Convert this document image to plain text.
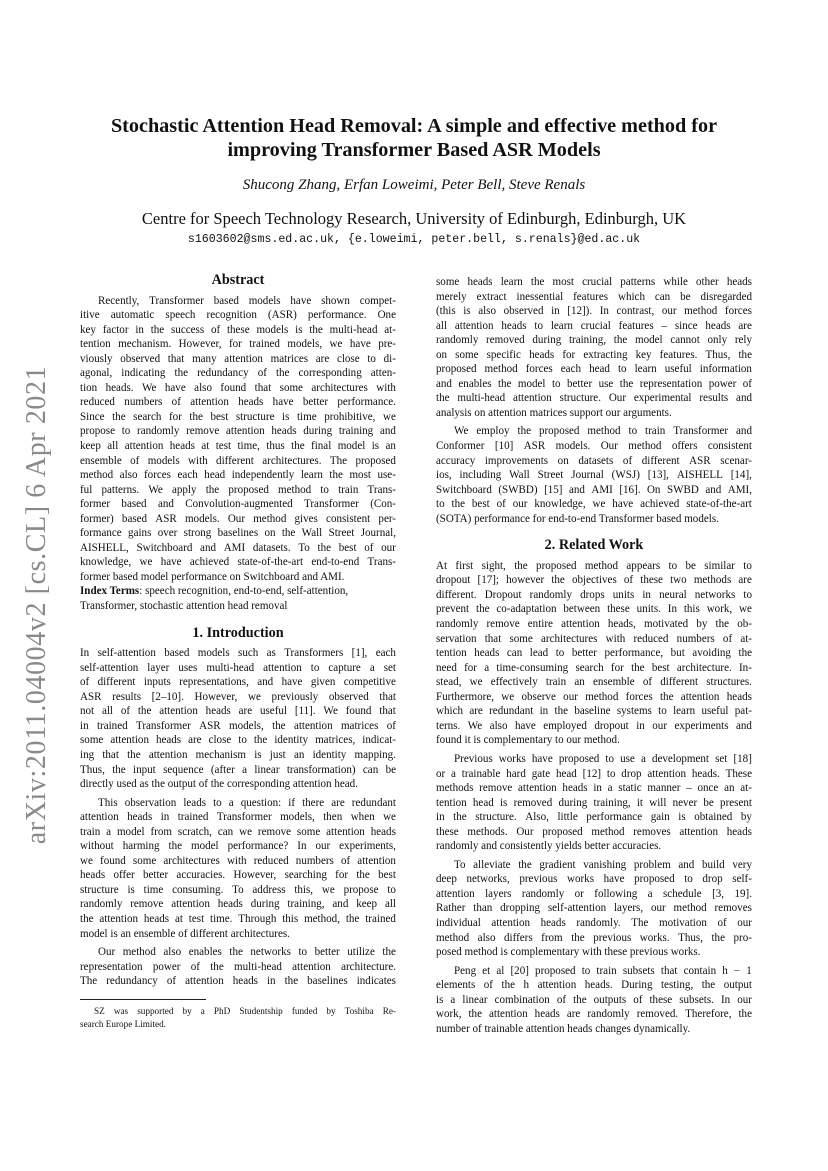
arXiv:2011.04004v2 [cs.CL] 6 Apr 2021
Stochastic Attention Head Removal: A simple and effective method for
improving Transformer Based ASR Models
Shucong Zhang, Erfan Loweimi, Peter Bell, Steve Renals
Centre for Speech Technology Research, University of Edinburgh, Edinburgh, UK
s1603602@sms.ed.ac.uk, {e.loweimi, peter.bell, s.renals}@ed.ac.uk
Abstract
Recently, Transformer based models have shown compet-
itive automatic speech recognition (ASR) performance. One
key factor in the success of these models is the multi-head at-
tention mechanism. However, for trained models, we have pre-
viously observed that many attention matrices are close to di-
agonal, indicating the redundancy of the corresponding atten-
tion heads. We have also found that some architectures with
reduced numbers of attention heads have better performance.
Since the search for the best structure is time prohibitive, we
propose to randomly remove attention heads during training and
keep all attention heads at test time, thus the final model is an
ensemble of models with different architectures. The proposed
method also forces each head independently learn the most use-
ful patterns. We apply the proposed method to train Trans-
former based and Convolution-augmented Transformer (Con-
former) based ASR models. Our method gives consistent per-
formance gains over strong baselines on the Wall Street Journal,
AISHELL, Switchboard and AMI datasets. To the best of our
knowledge, we have achieved state-of-the-art end-to-end Trans-
former based model performance on Switchboard and AMI.
Index Terms: speech recognition, end-to-end, self-attention,
Transformer, stochastic attention head removal
1. Introduction
In self-attention based models such as Transformers [1], each
self-attention layer uses multi-head attention to capture a set
of different inputs representations, and have given competitive
ASR results [2–10]. However, we previously observed that
not all of the attention heads are useful [11]. We found that
in trained Transformer ASR models, the attention matrices of
some attention heads are close to the identity matrices, indicat-
ing that the attention mechanism is just an identity mapping.
Thus, the input sequence (after a linear transformation) can be
directly used as the output of the corresponding attention head.
This observation leads to a question: if there are redundant
attention heads in trained Transformer models, then when we
train a model from scratch, can we remove some attention heads
without harming the model performance? In our experiments,
we found some architectures with reduced numbers of attention
heads offer better accuracies. However, searching for the best
structure is time consuming. To address this, we propose to
randomly remove attention heads during training, and keep all
the attention heads at test time. Through this method, the trained
model is an ensemble of different architectures.
Our method also enables the networks to better utilize the
representation power of the multi-head attention architecture.
The redundancy of attention heads in the baselines indicates
SZ was supported by a PhD Studentship funded by Toshiba Re-
search Europe Limited.
some heads learn the most crucial patterns while other heads
merely extract inessential features which can be disregarded
(this is also observed in [12]). In contrast, our method forces
all attention heads to learn crucial features – since heads are
randomly removed during training, the model cannot only rely
on some specific heads for extracting key features. Thus, the
proposed method forces each head to learn useful information
and enables the model to better use the representation power of
the multi-head attention structure. Our experimental results and
analysis on attention matrices support our arguments.
We employ the proposed method to train Transformer and
Conformer [10] ASR models. Our method offers consistent
accuracy improvements on datasets of different ASR scenar-
ios, including Wall Street Journal (WSJ) [13], AISHELL [14],
Switchboard (SWBD) [15] and AMI [16]. On SWBD and AMI,
to the best of our knowledge, we have achieved state-of-the-art
(SOTA) performance for end-to-end Transformer based models.
2. Related Work
At first sight, the proposed method appears to be similar to
dropout [17]; however the objectives of these two methods are
different. Dropout randomly drops units in neural networks to
prevent the co-adaptation between these units. In this work, we
randomly remove entire attention heads, motivated by the ob-
servation that some architectures with reduced numbers of at-
tention heads can lead to better performance, but avoiding the
need for a time-consuming search for the best architecture. In-
stead, we effectively train an ensemble of different structures.
Furthermore, we observe our method forces the attention heads
which are redundant in the baseline systems to learn useful pat-
terns. We also have employed dropout in our experiments and
found it is complementary to our method.
Previous works have proposed to use a development set [18]
or a trainable hard gate head [12] to drop attention heads. These
methods remove attention heads in a static manner – once an at-
tention head is removed during training, it will never be present
in the structure. Also, little performance gain is obtained by
these methods. Our proposed method removes attention heads
randomly and consistently yields better accuracies.
To alleviate the gradient vanishing problem and build very
deep networks, previous works have proposed to drop self-
attention layers randomly or following a schedule [3, 19].
Rather than dropping self-attention layers, our method removes
individual attention heads randomly. The motivation of our
method also differs from the previous works. Thus, the pro-
posed method is complementary with these previous works.
Peng et al [20] proposed to train subsets that contain h − 1
elements of the h attention heads. During testing, the output
is a linear combination of the outputs of these subsets. In our
work, the attention heads are randomly removed. Therefore, the
number of trainable attention heads changes dynamically.
